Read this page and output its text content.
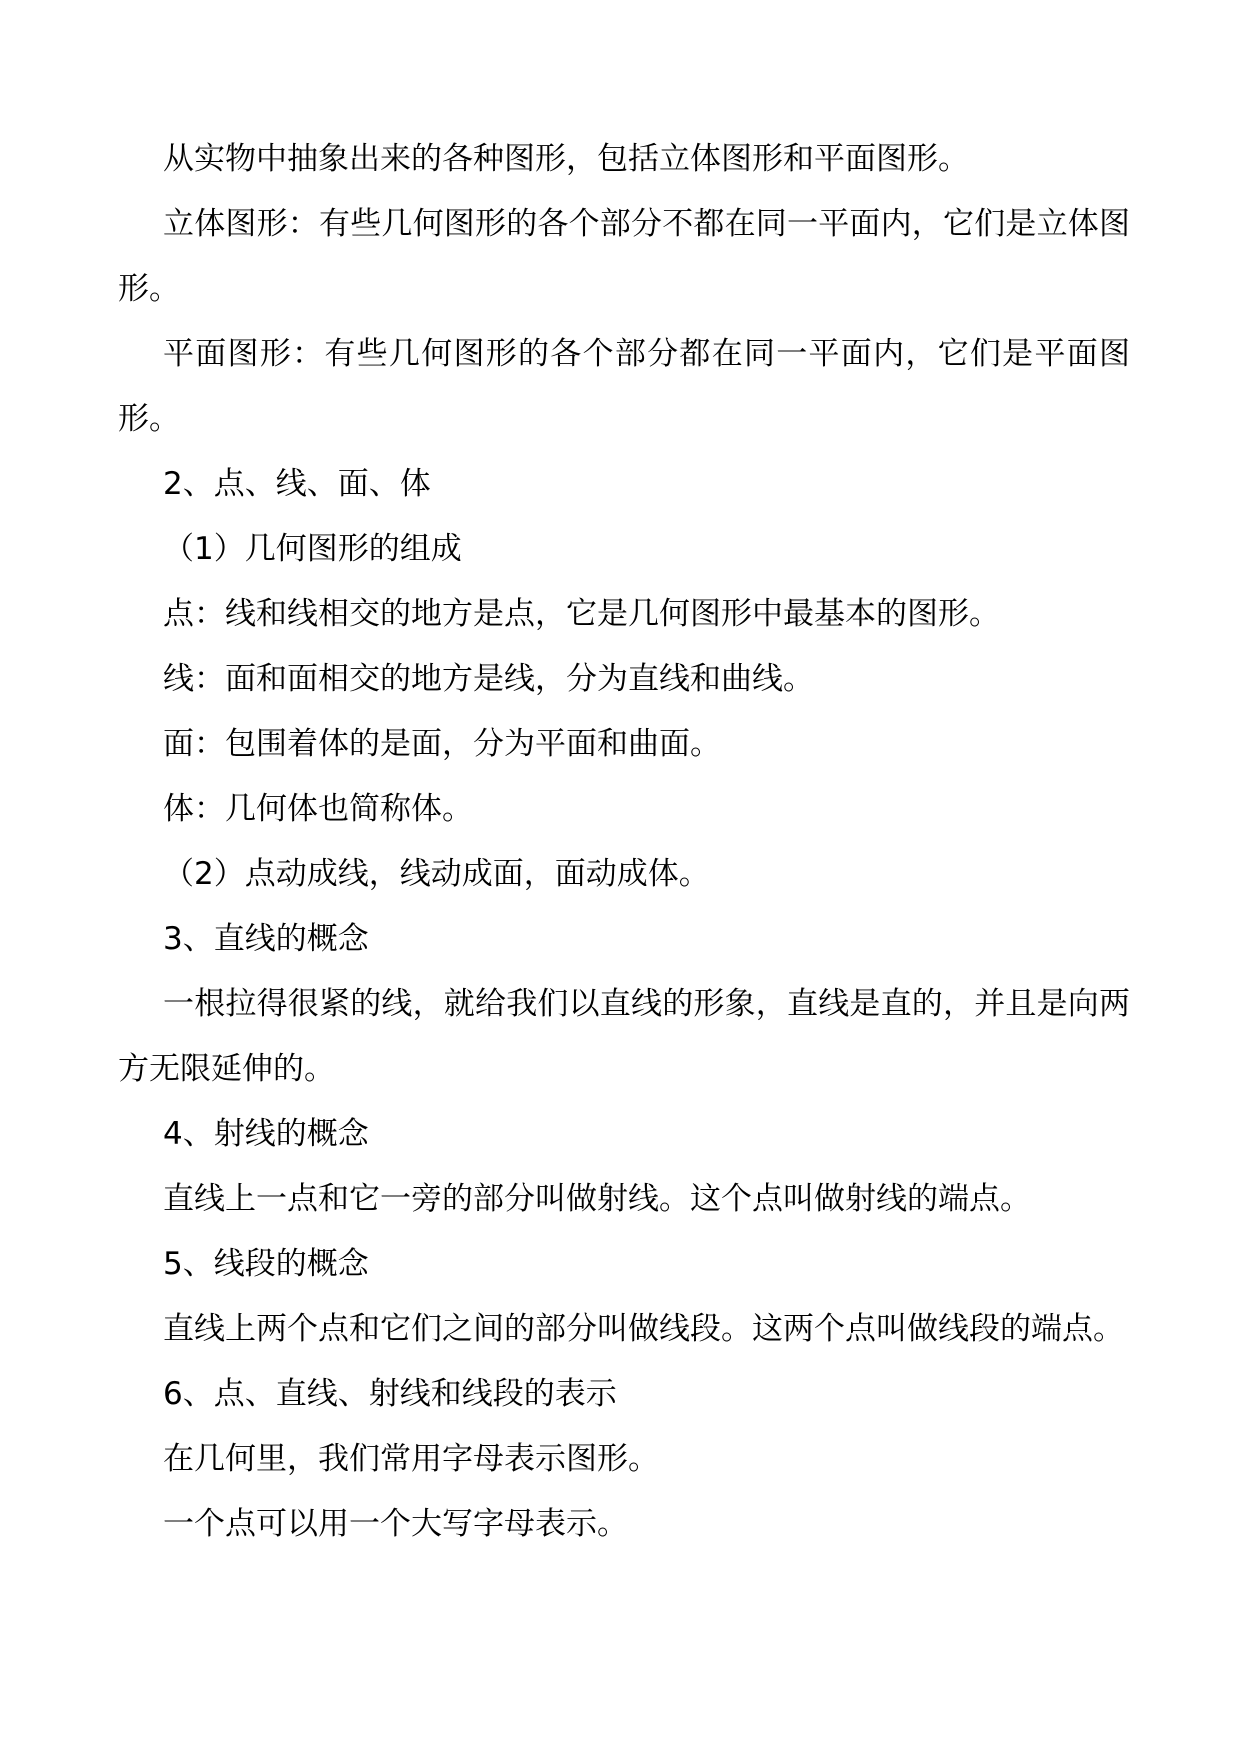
从实物中抽象出来的各种图形，包括立体图形和平面图形。

立体图形：有些几何图形的各个部分不都在同一平面内，它们是立体图形。

平面图形：有些几何图形的各个部分都在同一平面内，它们是平面图形。

2、点、线、面、体

（1）几何图形的组成

点：线和线相交的地方是点，它是几何图形中最基本的图形。

线：面和面相交的地方是线，分为直线和曲线。

面：包围着体的是面，分为平面和曲面。

体：几何体也简称体。

（2）点动成线，线动成面，面动成体。

3、直线的概念

一根拉得很紧的线，就给我们以直线的形象，直线是直的，并且是向两方无限延伸的。

4、射线的概念

直线上一点和它一旁的部分叫做射线。这个点叫做射线的端点。

5、线段的概念

直线上两个点和它们之间的部分叫做线段。这两个点叫做线段的端点。

6、点、直线、射线和线段的表示

在几何里，我们常用字母表示图形。

一个点可以用一个大写字母表示。
